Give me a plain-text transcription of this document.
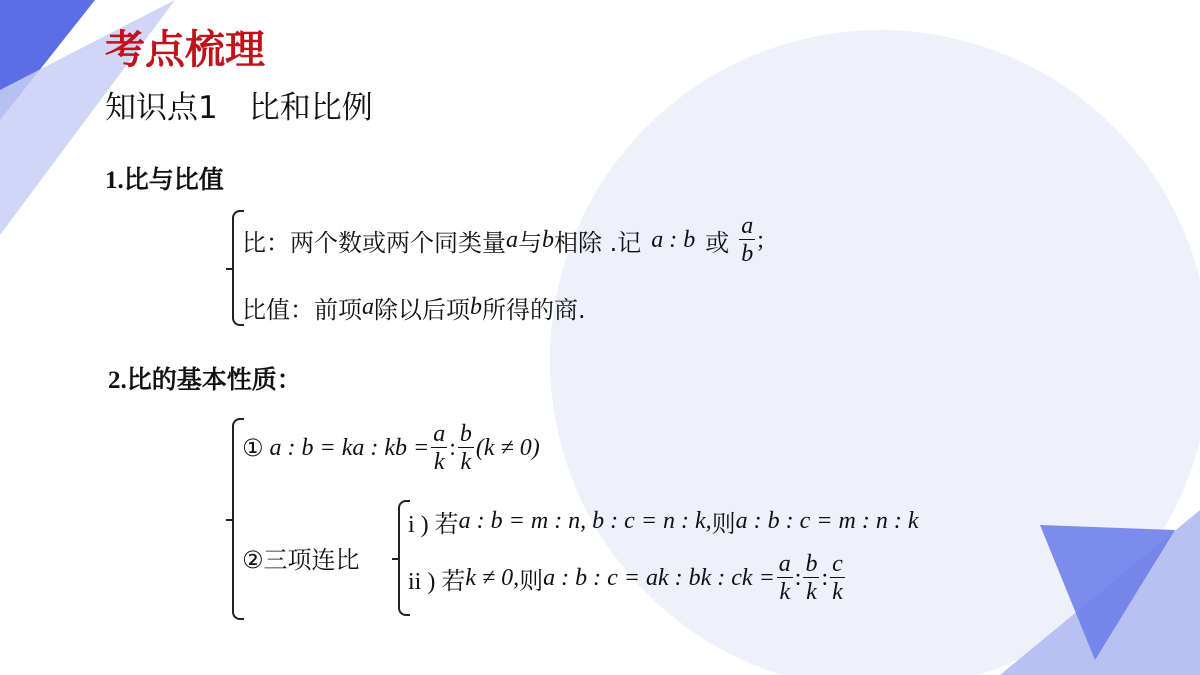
考点梳理
知识点1　比和比例
1.比与比值
比：两个数或两个同类量 a 与 b 相除 .记 a : b 或 $\frac{a}{b}$ ;
比值：前项 a 除以后项 b 所得的商.
2.比的基本性质：
① a : b = ka : kb = $\frac{a}{k}$ : $\frac{b}{k} (k \ne 0)$
②三项连比
i ) 若 a : b = m : n, b : c = n : k, 则 a : b : c = m : n : k
ii ) 若 k ≠ 0, 则 a : b : c = ak : bk : ck = $\frac{a}{k}$ : $\frac{b}{k}$ : $\frac{c}{k}$
